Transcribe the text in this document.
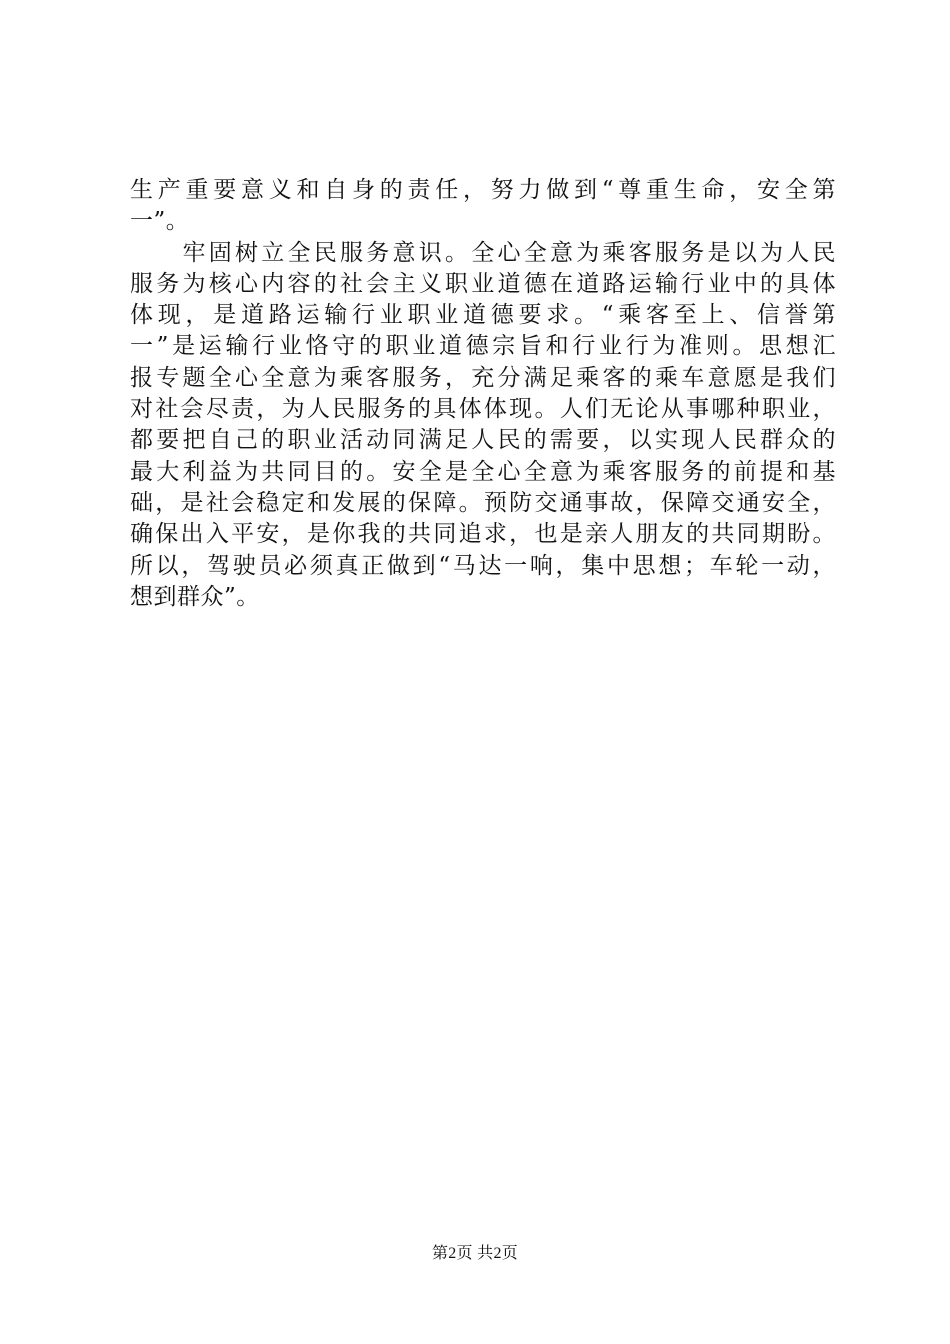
生产重要意义和自身的责任，努力做到“尊重生命，安全第
一”。
　　牢固树立全民服务意识。全心全意为乘客服务是以为人民
服务为核心内容的社会主义职业道德在道路运输行业中的具体
体现，是道路运输行业职业道德要求。“乘客至上、信誉第
一”是运输行业恪守的职业道德宗旨和行业行为准则。思想汇
报专题全心全意为乘客服务，充分满足乘客的乘车意愿是我们
对社会尽责，为人民服务的具体体现。人们无论从事哪种职业，
都要把自己的职业活动同满足人民的需要，以实现人民群众的
最大利益为共同目的。安全是全心全意为乘客服务的前提和基
础，是社会稳定和发展的保障。预防交通事故，保障交通安全，
确保出入平安，是你我的共同追求，也是亲人朋友的共同期盼。
所以，驾驶员必须真正做到“马达一响，集中思想；车轮一动，
想到群众”。
第2页 共2页
